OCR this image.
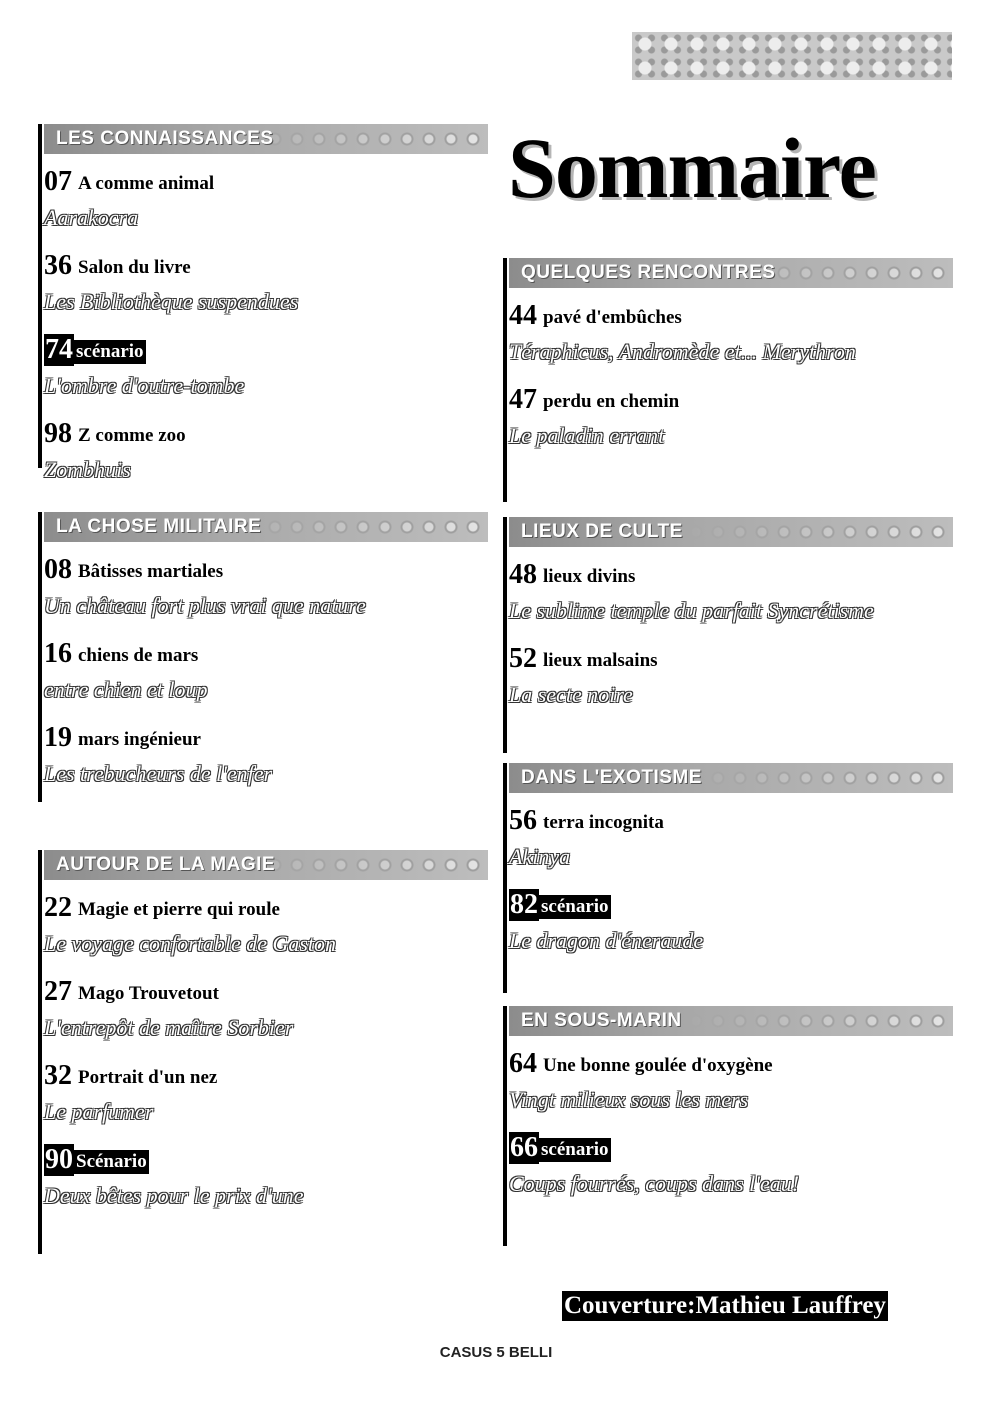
Sommaire
LES CONNAISSANCES
07 A comme animal
Aarakocra
36 Salon du livre
Les Bibliothèque suspendues
74 scénario
L'ombre d'outre-tombe
98 Z comme zoo
Zombhuis
LA CHOSE MILITAIRE
08 Bâtisses martiales
Un château fort plus vrai que nature
16 chiens de mars
entre chien et loup
19 mars ingénieur
Les trebucheurs de l'enfer
AUTOUR DE LA MAGIE
22 Magie et pierre qui roule
Le voyage confortable de Gaston
27 Mago Trouvetout
L'entrepôt de maître Sorbier
32 Portrait d'un nez
Le parfumer
90 Scénario
Deux bêtes pour le prix d'une
QUELQUES RENCONTRES
44 pavé d'embûches
Téraphicus, Andromède et... Merythron
47 perdu en chemin
Le paladin errant
LIEUX DE CULTE
48 lieux divins
Le sublime temple du parfait Syncrétisme
52 lieux malsains
La secte noire
DANS L'EXOTISME
56 terra incognita
Akinya
82 scénario
Le dragon d'éneraude
EN SOUS-MARIN
64 Une bonne goulée d'oxygène
Vingt milieux sous les mers
66 scénario
Coups fourrés, coups dans l'eau!
Couverture:Mathieu Lauffrey
CASUS 5 BELLI
